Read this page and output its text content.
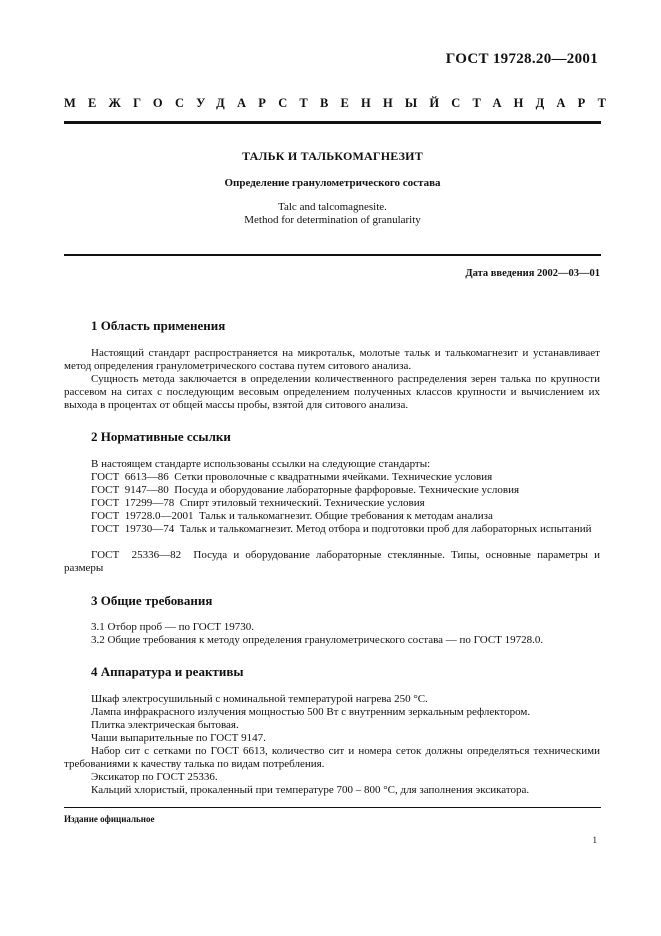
ГОСТ 19728.20—2001
МЕЖГОСУДАРСТВЕННЫЙ СТАНДАРТ
ТАЛЬК И ТАЛЬКОМАГНЕЗИТ
Определение гранулометрического состава
Talc and talcomagnesite.
Method for determination of granularity
Дата введения 2002—03—01
1 Область применения
Настоящий стандарт распространяется на микротальк, молотые тальк и талькомагнезит и устанавливает метод определения гранулометрического состава путем ситового анализа.
Сущность метода заключается в определении количественного распределения зерен талька по крупности рассевом на ситах с последующим весовым определением полученных классов крупности и вычислением их выхода в процентах от общей массы пробы, взятой для ситового анализа.
2 Нормативные ссылки
В настоящем стандарте использованы ссылки на следующие стандарты:
ГОСТ  6613—86 Сетки проволочные с квадратными ячейками. Технические условия
ГОСТ  9147—80 Посуда и оборудование лабораторные фарфоровые. Технические условия
ГОСТ  17299—78 Спирт этиловый технический. Технические условия
ГОСТ  19728.0—2001 Тальк и талькомагнезит. Общие требования к методам анализа
ГОСТ  19730—74 Тальк и талькомагнезит. Метод отбора и подготовки проб для лабораторных испытаний
ГОСТ  25336—82 Посуда и оборудование лабораторные стеклянные. Типы, основные параметры и размеры
3 Общие требования
3.1 Отбор проб — по ГОСТ 19730.
3.2 Общие требования к методу определения гранулометрического состава — по ГОСТ 19728.0.
4 Аппаратура и реактивы
Шкаф электросушильный с номинальной температурой нагрева 250 °С.
Лампа инфракрасного излучения мощностью 500 Вт с внутренним зеркальным рефлектором.
Плитка электрическая бытовая.
Чаши выпарительные по ГОСТ 9147.
Набор сит с сетками по ГОСТ 6613, количество сит и номера сеток должны определяться техническими требованиями к качеству талька по видам потребления.
Эксикатор по ГОСТ 25336.
Кальций хлористый, прокаленный при температуре 700 – 800 °С, для заполнения эксикатора.
Издание официальное
1
